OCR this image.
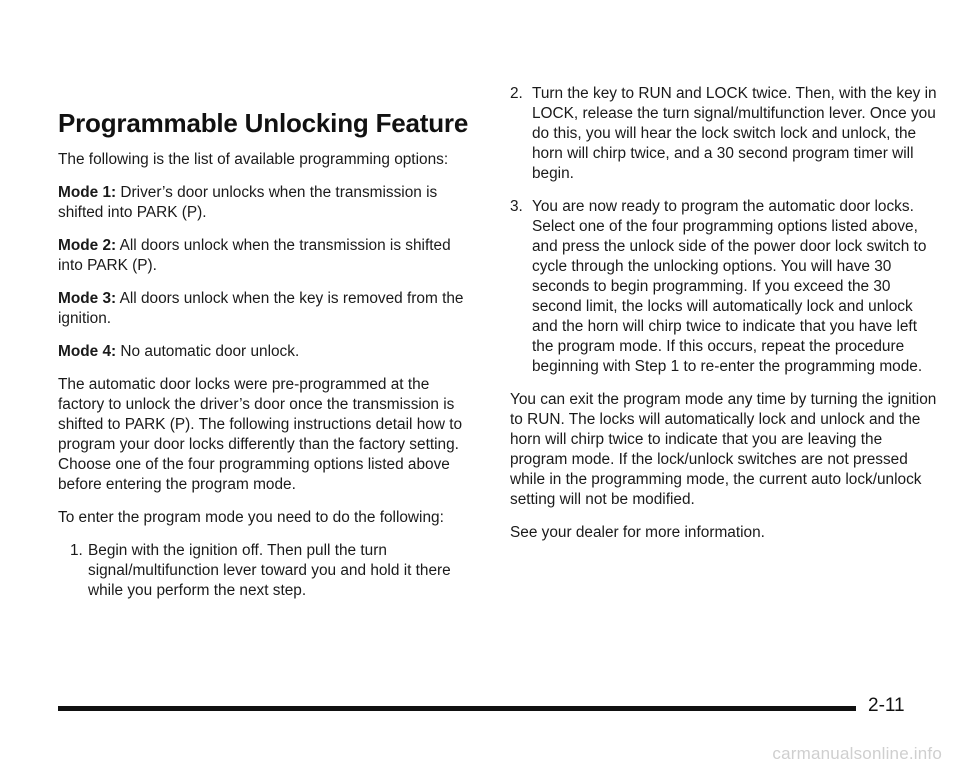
Programmable Unlocking Feature

The following is the list of available programming options:

Mode 1: Driver’s door unlocks when the transmission is shifted into PARK (P).

Mode 2: All doors unlock when the transmission is shifted into PARK (P).

Mode 3: All doors unlock when the key is removed from the ignition.

Mode 4: No automatic door unlock.

The automatic door locks were pre-programmed at the factory to unlock the driver’s door once the transmission is shifted to PARK (P). The following instructions detail how to program your door locks differently than the factory setting. Choose one of the four programming options listed above before entering the program mode.

To enter the program mode you need to do the following:

1. Begin with the ignition off. Then pull the turn signal/multifunction lever toward you and hold it there while you perform the next step.
2. Turn the key to RUN and LOCK twice. Then, with the key in LOCK, release the turn signal/multifunction lever. Once you do this, you will hear the lock switch lock and unlock, the horn will chirp twice, and a 30 second program timer will begin.
3. You are now ready to program the automatic door locks. Select one of the four programming options listed above, and press the unlock side of the power door lock switch to cycle through the unlocking options. You will have 30 seconds to begin programming. If you exceed the 30 second limit, the locks will automatically lock and unlock and the horn will chirp twice to indicate that you have left the program mode. If this occurs, repeat the procedure beginning with Step 1 to re-enter the programming mode.

You can exit the program mode any time by turning the ignition to RUN. The locks will automatically lock and unlock and the horn will chirp twice to indicate that you are leaving the program mode. If the lock/unlock switches are not pressed while in the programming mode, the current auto lock/unlock setting will not be modified.

See your dealer for more information.

2-11
carmanualsonline.info
